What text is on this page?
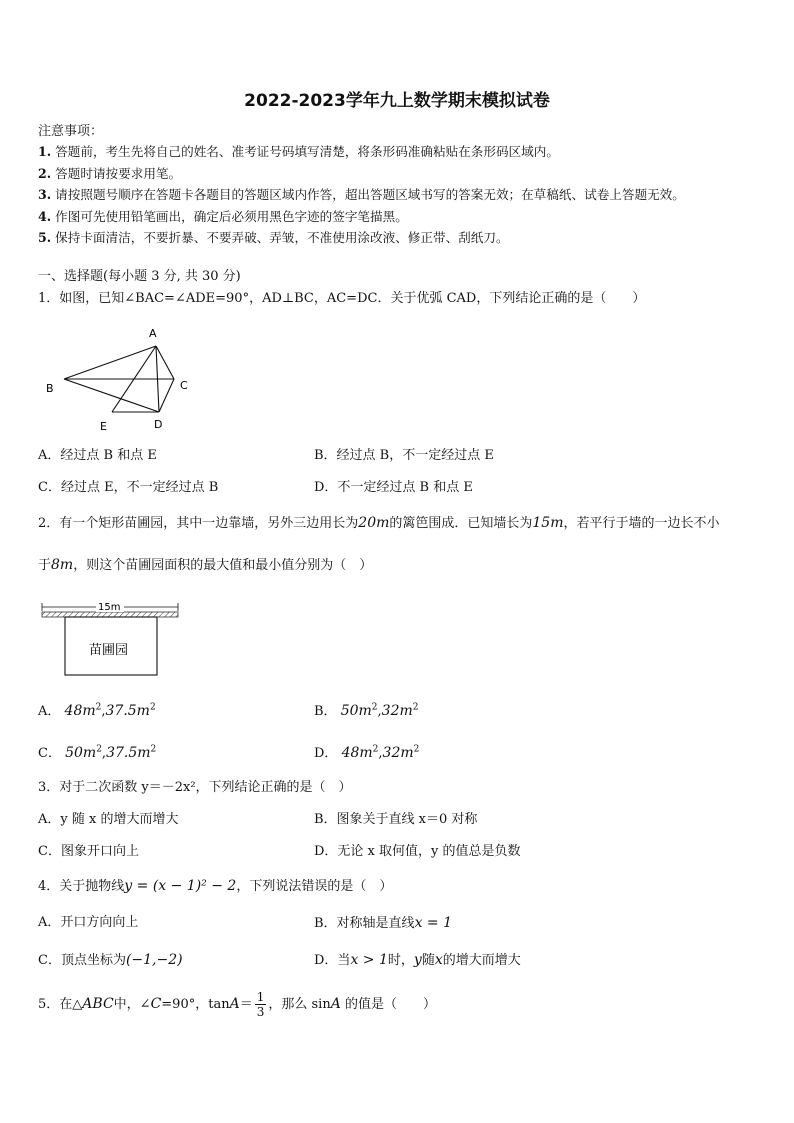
2022-2023学年九上数学期末模拟试卷
注意事项：
1. 答题前，考生先将自己的姓名、准考证号码填写清楚，将条形码准确粘贴在条形码区域内。
2. 答题时请按要求用笔。
3. 请按照题号顺序在答题卡各题目的答题区域内作答，超出答题区域书写的答案无效；在草稿纸、试卷上答题无效。
4. 作图可先使用铅笔画出，确定后必须用黑色字迹的签字笔描黑。
5. 保持卡面清洁，不要折暴、不要弄破、弄皱，不准使用涂改液、修正带、刮纸刀。
一、选择题(每小题 3 分, 共 30 分)
1．如图，已知∠BAC=∠ADE=90°，AD⊥BC，AC=DC．关于优弧 CAD，下列结论正确的是（　　）
A
B	C
D
E
A．经过点 B 和点 E	B．经过点 B，不一定经过点 E
C．经过点 E，不一定经过点 B	D．不一定经过点 B 和点 E
2．有一个矩形苗圃园，其中一边靠墙，另外三边用长为20m的篱笆围成．已知墙长为15m，若平行于墙的一边长不小
于8m，则这个苗圃园面积的最大值和最小值分别为（　）
15m
苗圃园
A． $48m^2,37.5m^2$	B． $50m^2,32m^2$
C． $50m^2,37.5m^2$	D． $48m^2,32m^2$
3．对于二次函数 y＝－2x²，下列结论正确的是（　）
A．y 随 x 的增大而增大	B．图象关于直线 x＝0 对称
C．图象开口向上	D．无论 x 取何值，y 的值总是负数
4．关于抛物线y = (x − 1)² − 2，下列说法错误的是（　）
A．开口方向向上	B．对称轴是直线x = 1
C．顶点坐标为(−1,−2)	D．当x > 1时，y随x的增大而增大
5．在△ABC中，∠C=90°，$\tan A= \frac{1}{3}$ ，那么 sinA 的值是（　　）
